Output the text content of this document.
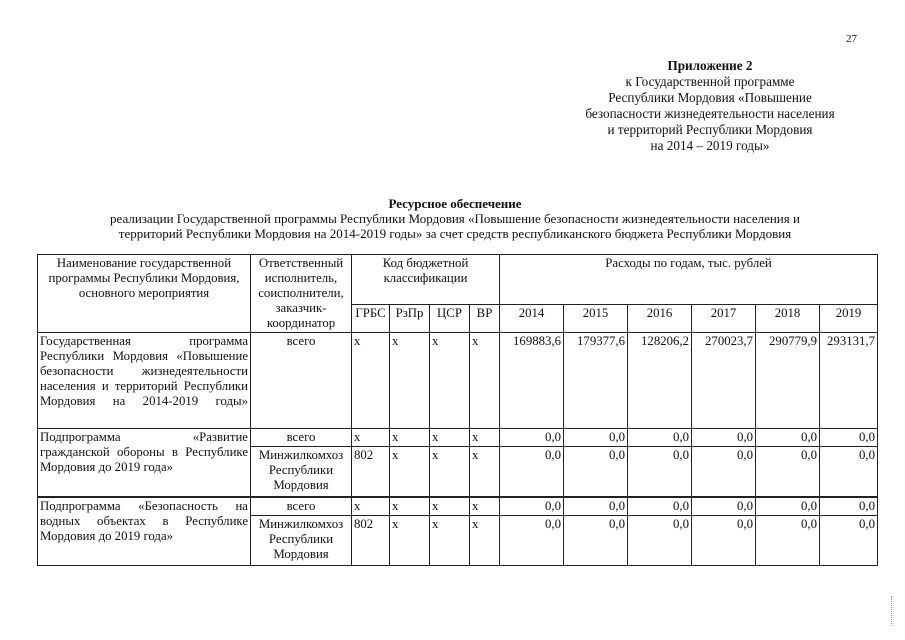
27
Приложение 2
к Государственной программе
Республики Мордовия «Повышение
безопасности жизнедеятельности населения
и территорий Республики Мордовия
на 2014 – 2019 годы»
Ресурсное обеспечение
реализации Государственной программы Республики Мордовия «Повышение безопасности жизнедеятельности населения и
территорий Республики Мордовия на 2014-2019 годы» за счет средств республиканского бюджета Республики Мордовия
Наименование государственной программы Республики Мордовия, основного мероприятия	Ответственный исполнитель, соисполнители, заказчик-координатор	Код бюджетной классификации				Расходы по годам, тыс. рублей					
		ГРБС	РзПр	ЦСР	ВР	2014	2015	2016	2017	2018	2019
Государственная программа Республики Мордовия «Повышение безопасности жизнедеятельности населения и территорий Республики Мордовия на 2014-2019 годы»	всего	х	х	х	х	169883,6	179377,6	128206,2	270023,7	290779,9	293131,7
Подпрограмма «Развитие гражданской обороны в Республике Мордовия до 2019 года»	всего	х	х	х	х	0,0	0,0	0,0	0,0	0,0	0,0
	Минжилкомхоз Республики Мордовия	802	х	х	х	0,0	0,0	0,0	0,0	0,0	0,0
Подпрограмма «Безопасность на водных объектах в Республике Мордовия до 2019 года»	всего	х	х	х	х	0,0	0,0	0,0	0,0	0,0	0,0
	Минжилкомхоз Республики Мордовия	802	х	х	х	0,0	0,0	0,0	0,0	0,0	0,0
